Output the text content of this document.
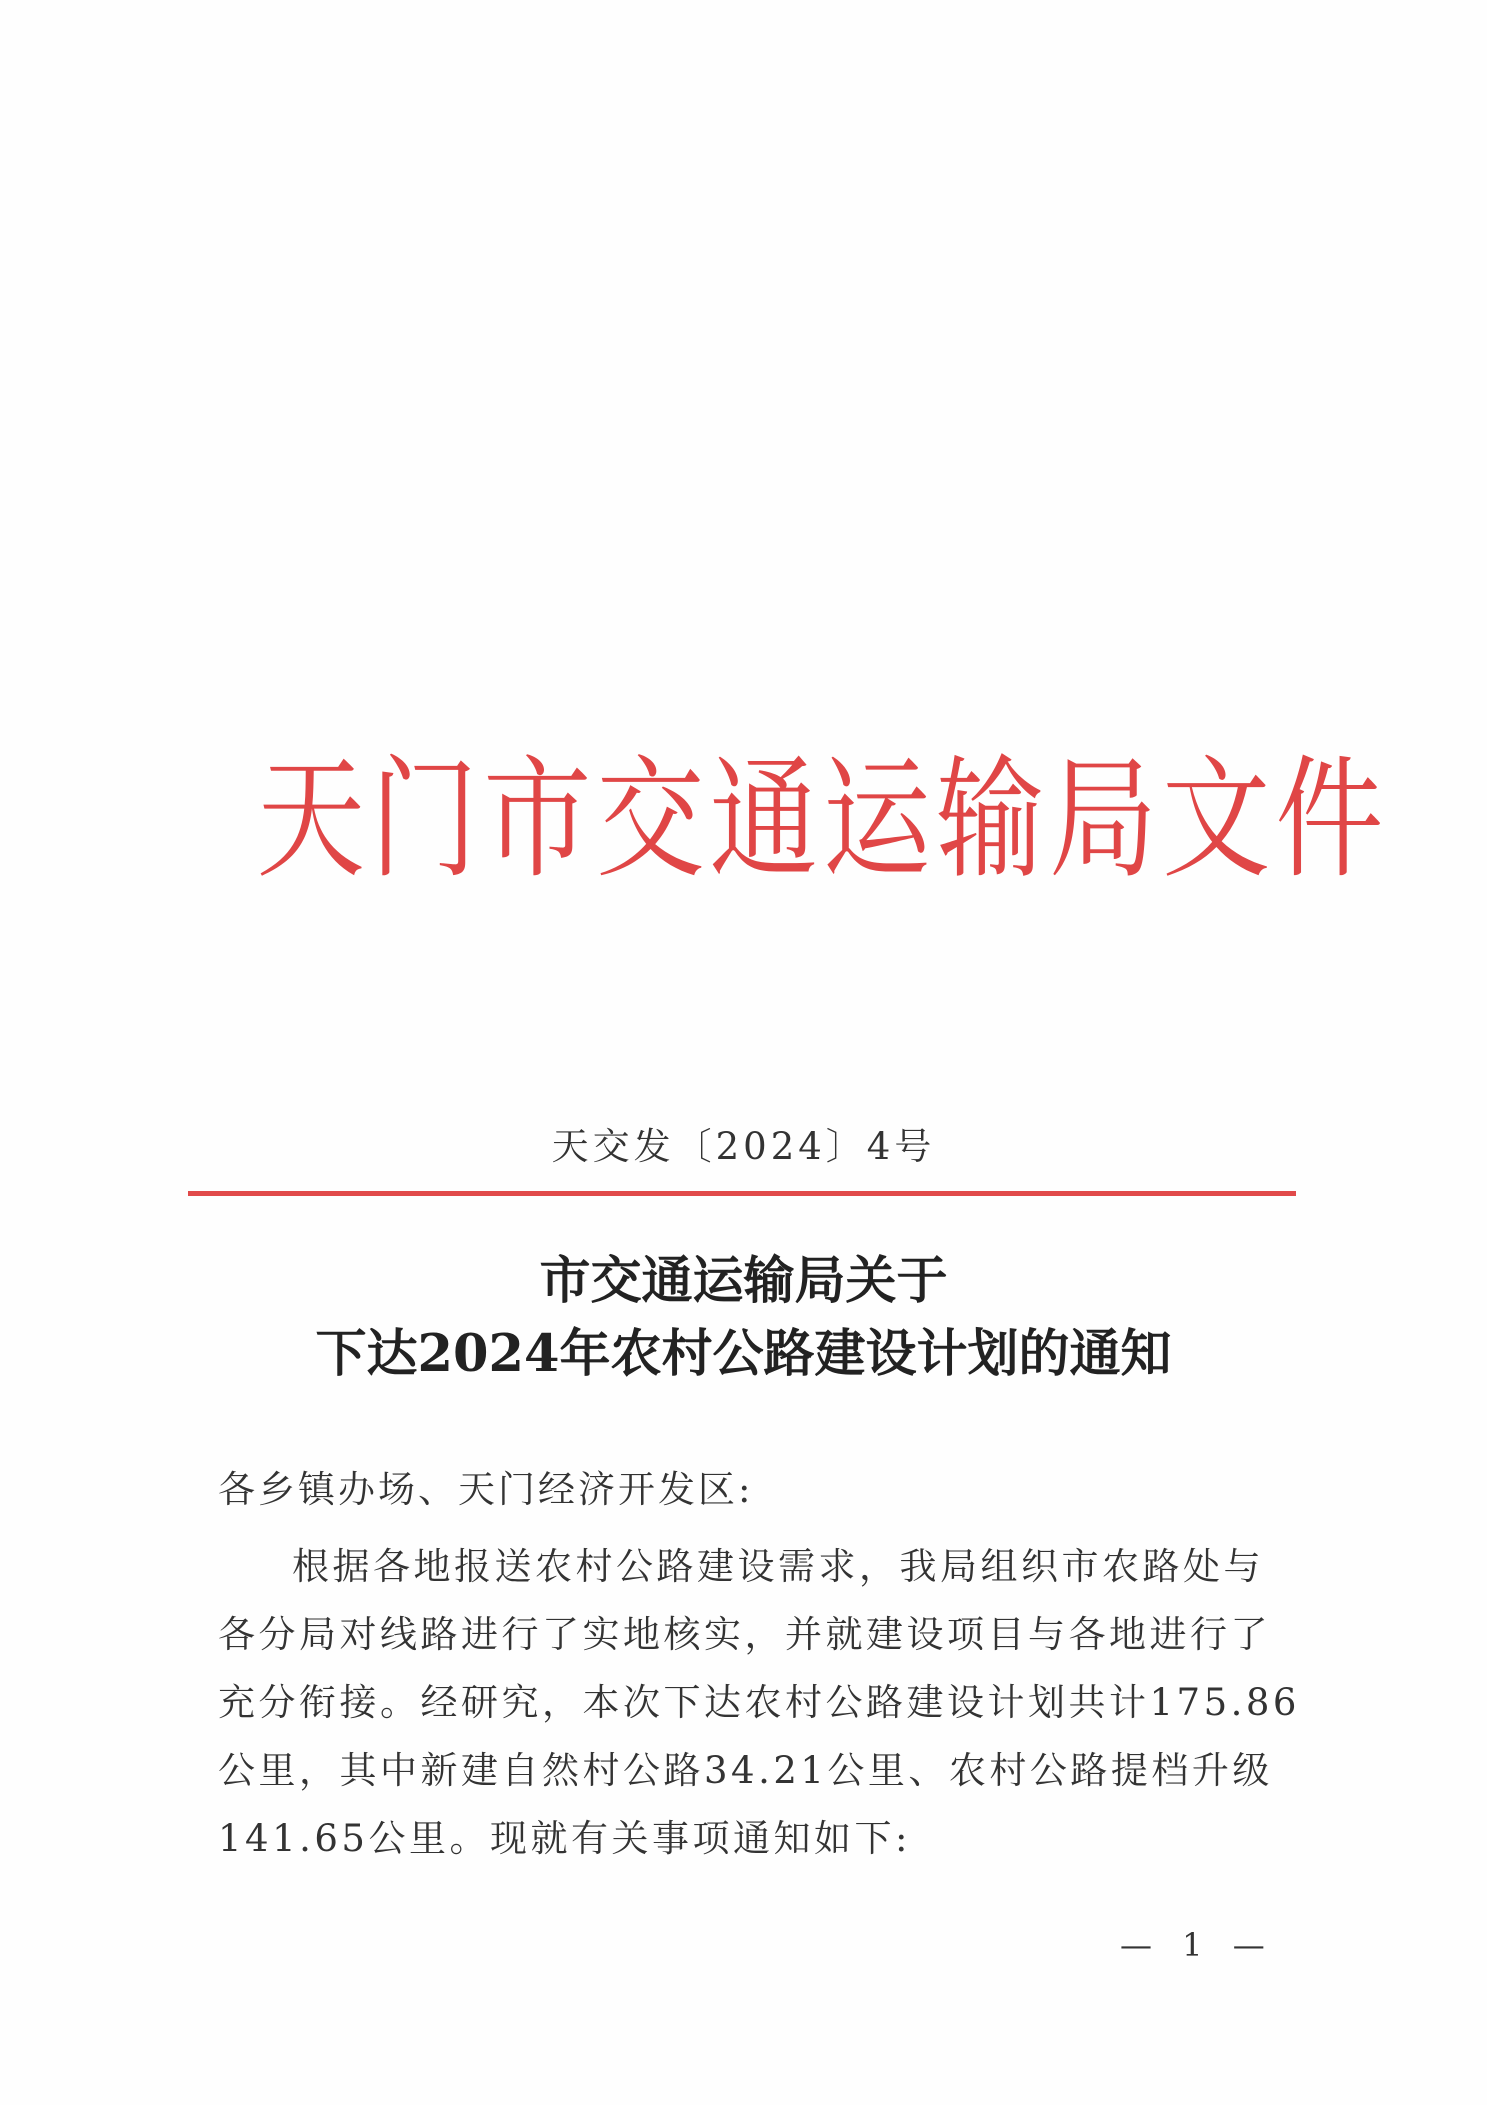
天门市交通运输局文件
天交发〔2024〕4号
市交通运输局关于
下达2024年农村公路建设计划的通知
各乡镇办场、天门经济开发区:
根据各地报送农村公路建设需求，我局组织市农路处与
各分局对线路进行了实地核实，并就建设项目与各地进行了
充分衔接。经研究，本次下达农村公路建设计划共计175.86
公里，其中新建自然村公路34.21公里、农村公路提档升级
141.65公里。现就有关事项通知如下:
— 1 —
